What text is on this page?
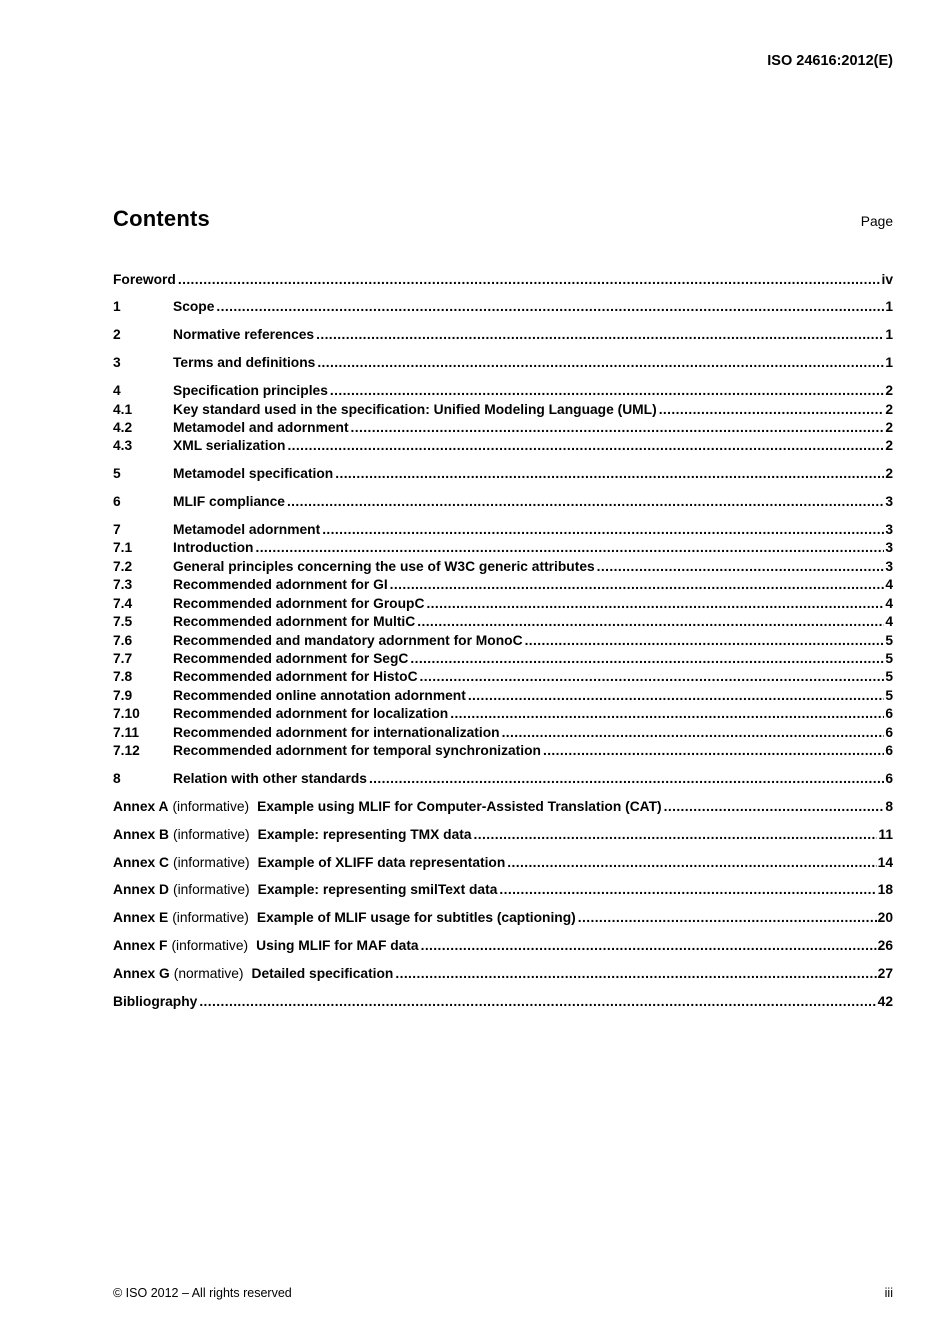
ISO 24616:2012(E)
Contents	Page
Foreword .....	iv
1	Scope .....	1
2	Normative references .....	1
3	Terms and definitions .....	1
4	Specification principles .....	2
4.1	Key standard used in the specification: Unified Modeling Language (UML) .....	2
4.2	Metamodel and adornment .....	2
4.3	XML serialization .....	2
5	Metamodel specification .....	2
6	MLIF compliance .....	3
7	Metamodel adornment .....	3
7.1	Introduction .....	3
7.2	General principles concerning the use of W3C generic attributes .....	3
7.3	Recommended adornment for GI .....	4
7.4	Recommended adornment for GroupC .....	4
7.5	Recommended adornment for MultiC .....	4
7.6	Recommended and mandatory adornment for MonoC .....	5
7.7	Recommended adornment for SegC .....	5
7.8	Recommended adornment for HistoC .....	5
7.9	Recommended online annotation adornment .....	5
7.10	Recommended adornment for localization .....	6
7.11	Recommended adornment for internationalization .....	6
7.12	Recommended adornment for temporal synchronization .....	6
8	Relation with other standards .....	6
Annex A (informative) Example using MLIF for Computer-Assisted Translation (CAT) .....	8
Annex B (informative) Example: representing TMX data .....	11
Annex C (informative) Example of XLIFF data representation .....	14
Annex D (informative) Example: representing smilText data .....	18
Annex E (informative) Example of MLIF usage for subtitles (captioning) .....	20
Annex F (informative) Using MLIF for MAF data .....	26
Annex G (normative) Detailed specification .....	27
Bibliography .....	42
© ISO 2012 – All rights reserved	iii
